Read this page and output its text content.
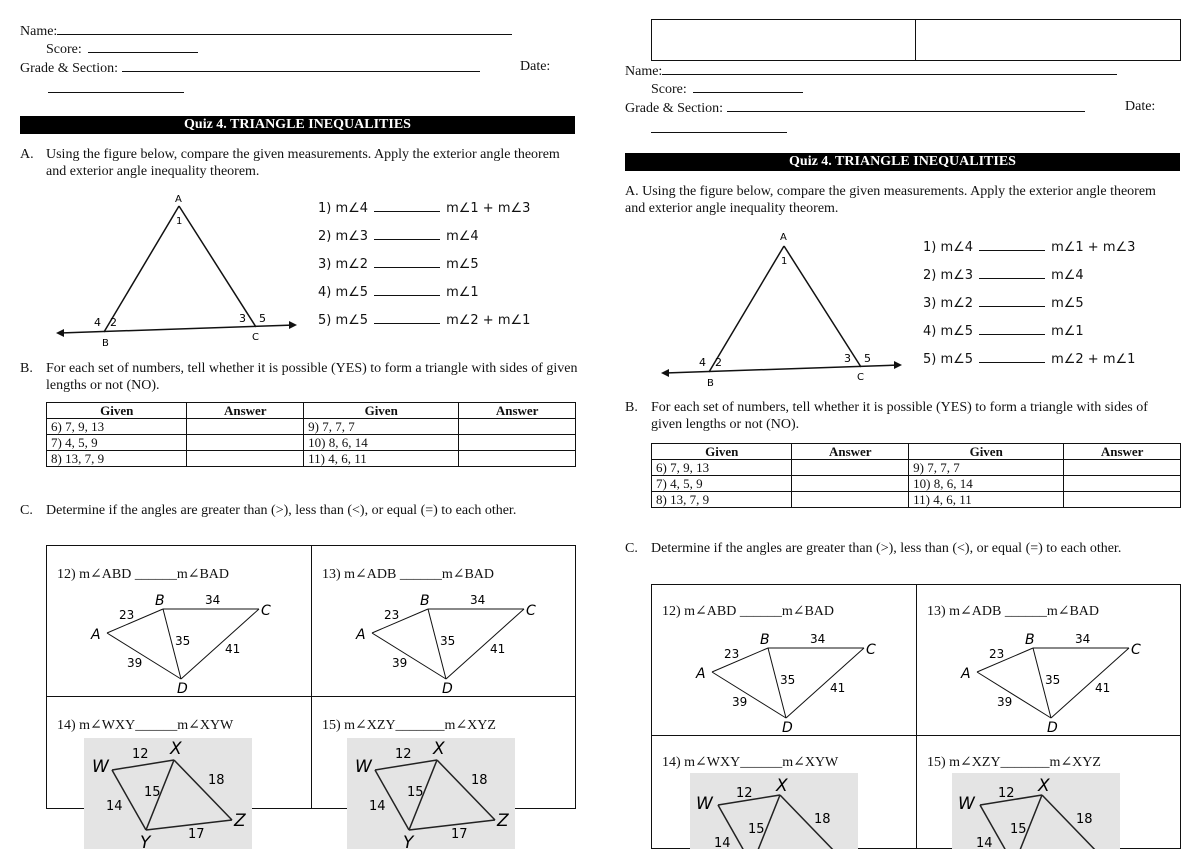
Name:
Score:
Grade & Section:	Date:
Quiz 4. TRIANGLE INEQUALITIES
A. Using the figure below, compare the given measurements. Apply the exterior angle theorem and exterior angle inequality theorem.
A
1
B
C
4 2	3 5
1) m∠4	m∠1 + m∠3
2) m∠3	m∠4
3) m∠2	m∠5
4) m∠5	m∠1
5) m∠5	m∠2 + m∠1
B. For each set of numbers, tell whether it is possible (YES) to form a triangle with sides of given lengths or not (NO).
Given	Answer	Given	Answer
6) 7, 9, 13		9) 7, 7, 7	
7) 4, 5, 9		10) 8, 6, 14	
8) 13, 7, 9		11) 4, 6, 11	
C. Determine if the angles are greater than (>), less than (<), or equal (=) to each other.
12) m∠ABD ______m∠BAD
A
B
C
D
23
34
35
41
39
13) m∠ADB ______m∠BAD
A
B
C
D
23
34
35
41
39
14) m∠WXY______m∠XYW	15) m∠XZY_______m∠XYZ
W
X
Y
Z
12
18
15
14
17
W
X
Y
Z
12
18
15
14
17
Name:
Score:
Grade & Section:	Date:
Quiz 4. TRIANGLE INEQUALITIES
A. Using the figure below, compare the given measurements. Apply the exterior angle theorem and exterior angle inequality theorem.
A
1
B
C
4 2	3 5
1) m∠4	m∠1 + m∠3
2) m∠3	m∠4
3) m∠2	m∠5
4) m∠5	m∠1
5) m∠5	m∠2 + m∠1
B. For each set of numbers, tell whether it is possible (YES) to form a triangle with sides of given lengths or not (NO).
Given	Answer	Given	Answer
6) 7, 9, 13		9) 7, 7, 7	
7) 4, 5, 9		10) 8, 6, 14	
8) 13, 7, 9		11) 4, 6, 11	
C. Determine if the angles are greater than (>), less than (<), or equal (=) to each other.
12) m∠ABD ______m∠BAD
A
B
C
D
23
34
35
41
39
13) m∠ADB ______m∠BAD
A
B
C
D
23
34
35
41
39
14) m∠WXY______m∠XYW	15) m∠XZY_______m∠XYZ
W
X
12
18
15
14
W
X
12
18
15
14
